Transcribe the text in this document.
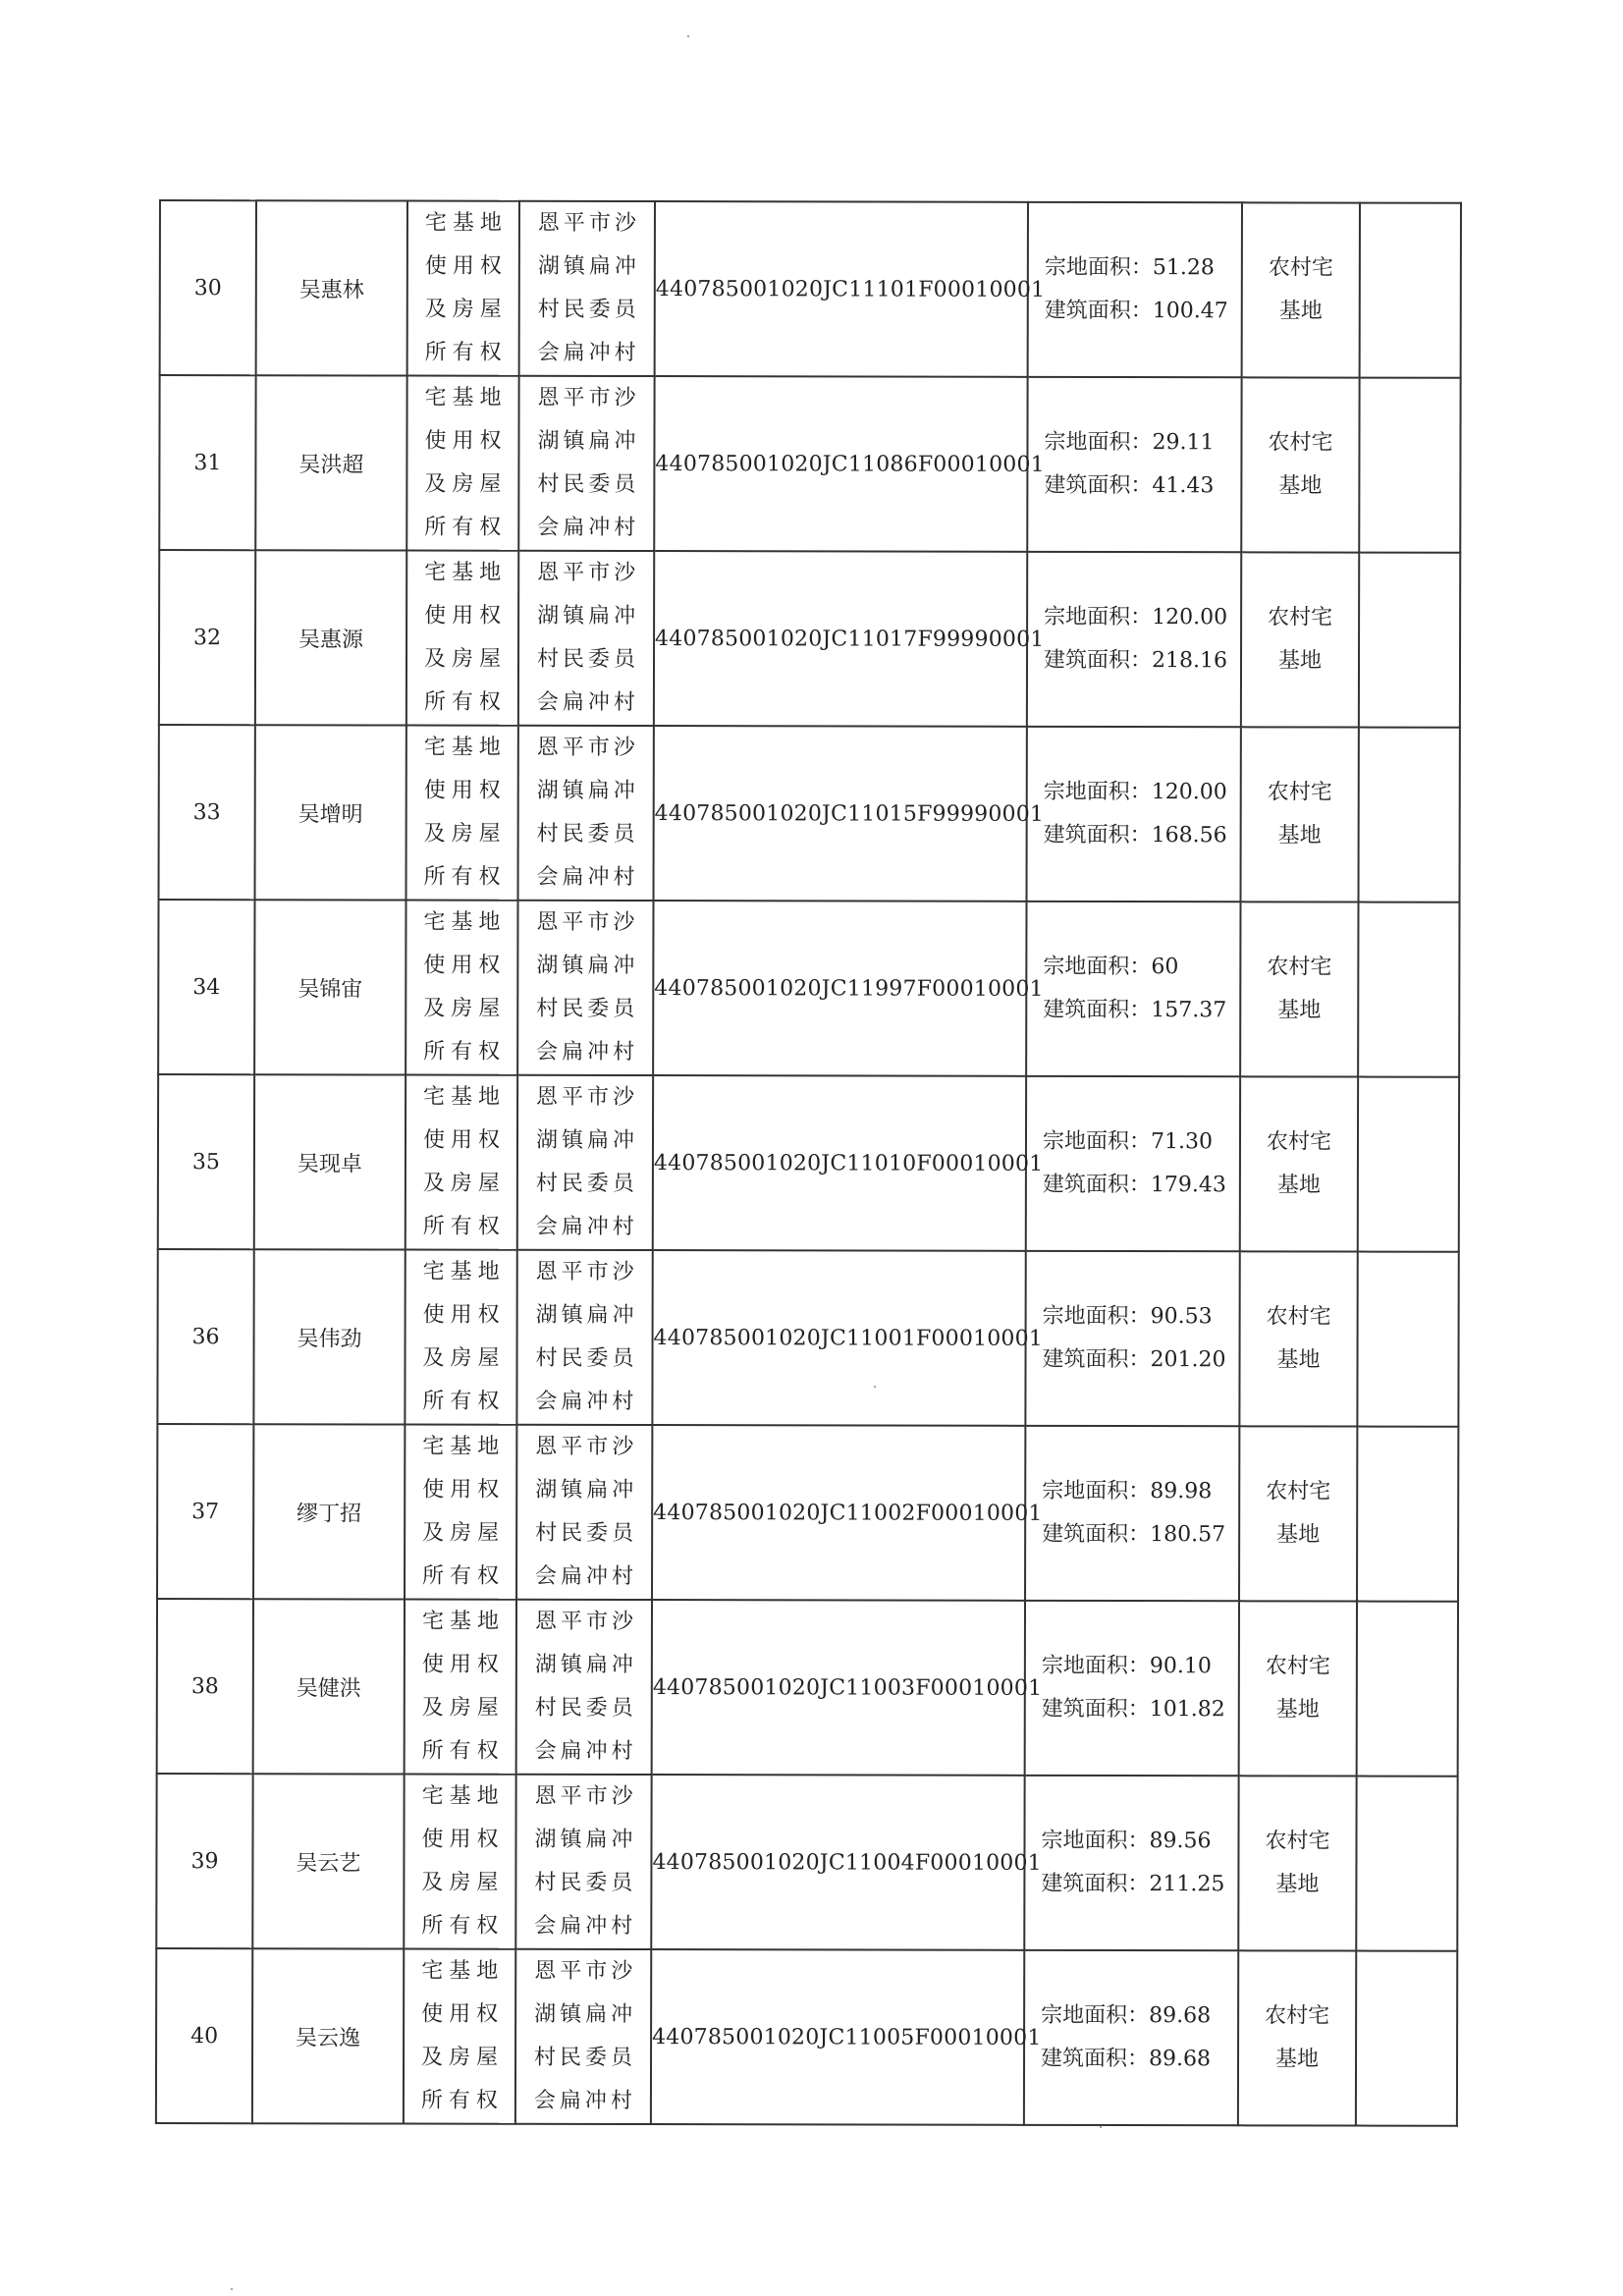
30	吴惠林	宅基地
使用权
及房屋
所有权	恩平市沙
湖镇扁冲
村民委员
会扁冲村	440785001020JC11101F00010001	宗地面积：51.28
建筑面积：100.47	农村宅
基地	

31	吴洪超	宅基地
使用权
及房屋
所有权	恩平市沙
湖镇扁冲
村民委员
会扁冲村	440785001020JC11086F00010001	宗地面积：29.11
建筑面积：41.43	农村宅
基地	

32	吴惠源	宅基地
使用权
及房屋
所有权	恩平市沙
湖镇扁冲
村民委员
会扁冲村	440785001020JC11017F99990001	宗地面积：120.00
建筑面积：218.16	农村宅
基地	

33	吴增明	宅基地
使用权
及房屋
所有权	恩平市沙
湖镇扁冲
村民委员
会扁冲村	440785001020JC11015F99990001	宗地面积：120.00
建筑面积：168.56	农村宅
基地	

34	吴锦宙	宅基地
使用权
及房屋
所有权	恩平市沙
湖镇扁冲
村民委员
会扁冲村	440785001020JC11997F00010001	宗地面积：60
建筑面积：157.37	农村宅
基地	

35	吴现卓	宅基地
使用权
及房屋
所有权	恩平市沙
湖镇扁冲
村民委员
会扁冲村	440785001020JC11010F00010001	宗地面积：71.30
建筑面积：179.43	农村宅
基地	

36	吴伟劲	宅基地
使用权
及房屋
所有权	恩平市沙
湖镇扁冲
村民委员
会扁冲村	440785001020JC11001F00010001	宗地面积：90.53
建筑面积：201.20	农村宅
基地	

37	缪丁招	宅基地
使用权
及房屋
所有权	恩平市沙
湖镇扁冲
村民委员
会扁冲村	440785001020JC11002F00010001	宗地面积：89.98
建筑面积：180.57	农村宅
基地	

38	吴健洪	宅基地
使用权
及房屋
所有权	恩平市沙
湖镇扁冲
村民委员
会扁冲村	440785001020JC11003F00010001	宗地面积：90.10
建筑面积：101.82	农村宅
基地	

39	吴云艺	宅基地
使用权
及房屋
所有权	恩平市沙
湖镇扁冲
村民委员
会扁冲村	440785001020JC11004F00010001	宗地面积：89.56
建筑面积：211.25	农村宅
基地	

40	吴云逸	宅基地
使用权
及房屋
所有权	恩平市沙
湖镇扁冲
村民委员
会扁冲村	440785001020JC11005F00010001	宗地面积：89.68
建筑面积：89.68	农村宅
基地	
